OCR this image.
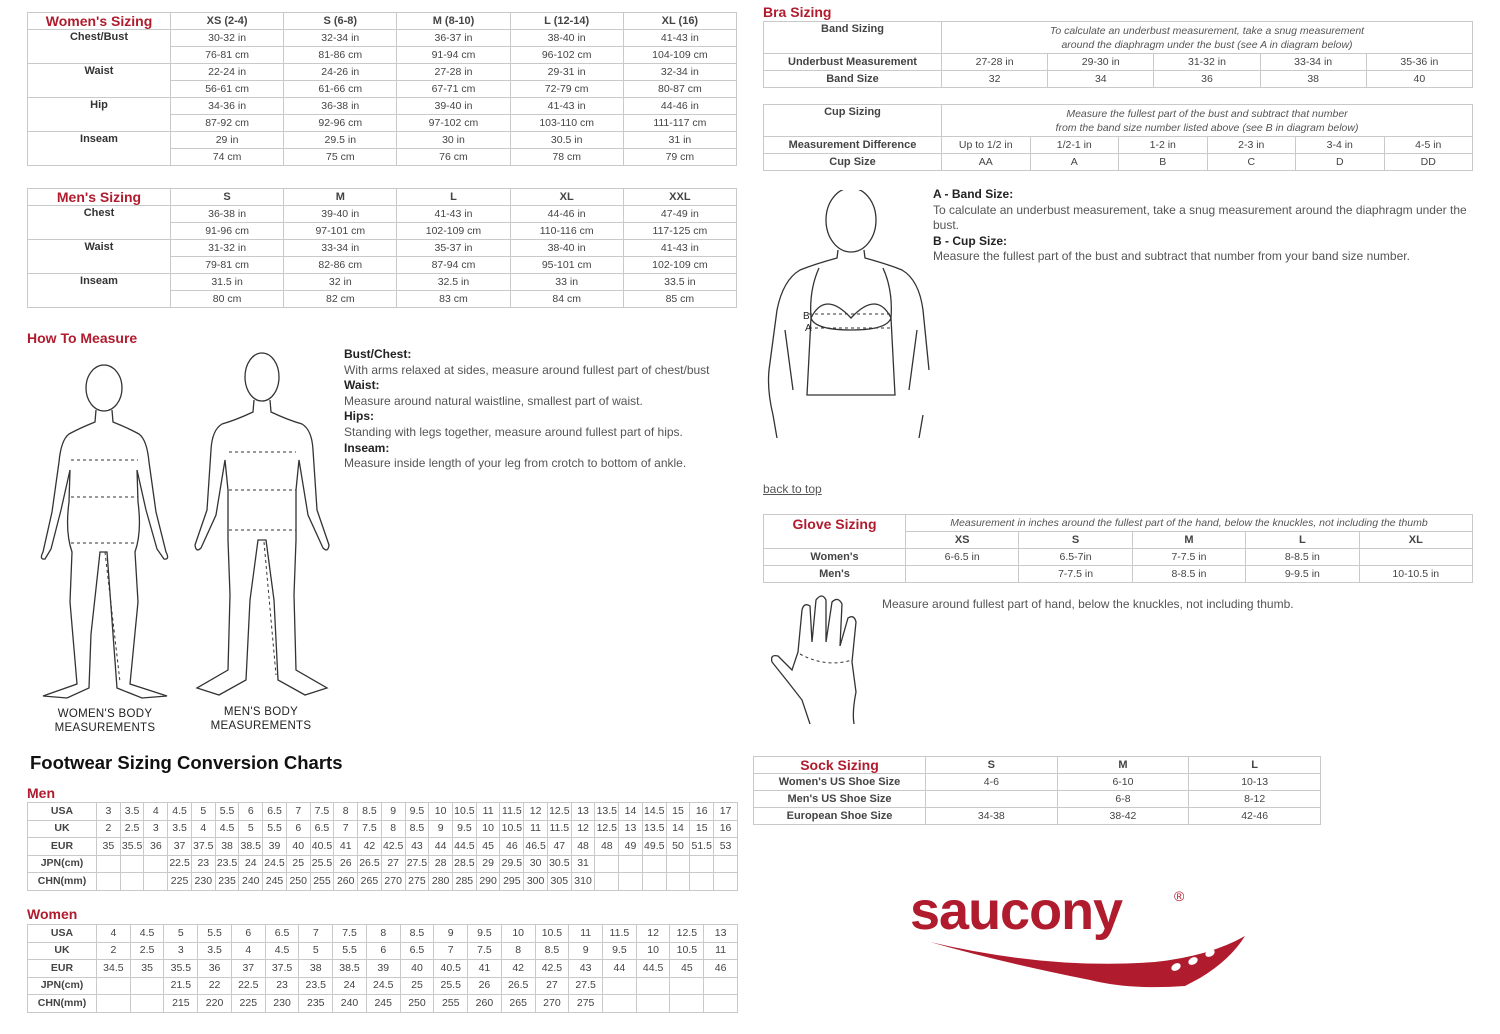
Women's Sizing	XS (2-4)	S (6-8)	M (8-10)	L (12-14)	XL (16)
Chest/Bust	30-32 in	32-34 in	36-37 in	38-40 in	41-43 in
	76-81 cm	81-86 cm	91-94 cm	96-102 cm	104-109 cm
Waist	22-24 in	24-26 in	27-28 in	29-31 in	32-34 in
	56-61 cm	61-66 cm	67-71 cm	72-79 cm	80-87 cm
Hip	34-36 in	36-38 in	39-40 in	41-43 in	44-46 in
	87-92 cm	92-96 cm	97-102 cm	103-110 cm	111-117 cm
Inseam	29 in	29.5 in	30 in	30.5 in	31 in
	74 cm	75 cm	76 cm	78 cm	79 cm
Men's Sizing	S	M	L	XL	XXL
Chest	36-38 in	39-40 in	41-43 in	44-46 in	47-49 in
	91-96 cm	97-101 cm	102-109 cm	110-116 cm	117-125 cm
Waist	31-32 in	33-34 in	35-37 in	38-40 in	41-43 in
	79-81 cm	82-86 cm	87-94 cm	95-101 cm	102-109 cm
Inseam	31.5 in	32 in	32.5 in	33 in	33.5 in
	80 cm	82 cm	83 cm	84 cm	85 cm
How To Measure
Bust/Chest:
With arms relaxed at sides, measure around fullest part of chest/bust
Waist:
Measure around natural waistline, smallest part of waist.
Hips:
Standing with legs together, measure around fullest part of hips.
Inseam:
Measure inside length of your leg from crotch to bottom of ankle.
WOMEN'S BODY
MEASUREMENTS
MEN'S BODY
MEASUREMENTS
Bra Sizing
Band Sizing	To calculate an underbust measurement, take a snug measurement
around the diaphragm under the bust (see A in diagram below)				

Underbust Measurement	27-28 in	29-30 in	31-32 in	33-34 in	35-36 in
Band Size	32	34	36	38	40
Cup Sizing	Measure the fullest part of the bust and subtract that number
from the band size number listed above (see B in diagram below)					

Measurement Difference	Up to 1/2 in	1/2-1 in	1-2 in	2-3 in	3-4 in	4-5 in
Cup Size	AA	A	B	C	D	DD
B
A
A - Band Size:
To calculate an underbust measurement, take a snug measurement around the diaphragm under the bust.
B - Cup Size:
Measure the fullest part of the bust and subtract that number from your band size number.
back to top
Glove Sizing	Measurement in inches around the fullest part of the hand, below the knuckles, not including the thumb				
	XS	S	M	L	XL
Women's	6-6.5 in	6.5-7in	7-7.5 in	8-8.5 in	
Men's		7-7.5 in	8-8.5 in	9-9.5 in	10-10.5 in
Measure around fullest part of hand, below the knuckles, not including thumb.
Sock Sizing	S	M	L
Women's US Shoe Size	4-6	6-10	10-13
Men's US Shoe Size		6-8	8-12
European Shoe Size	34-38	38-42	42-46
Footwear Sizing Conversion Charts
Men
USA	3	3.5	4	4.5	5	5.5	6	6.5	7	7.5	8	8.5	9	9.5	10	10.5	11	11.5	12	12.5	13	13.5	14	14.5	15	16	17
UK	2	2.5	3	3.5	4	4.5	5	5.5	6	6.5	7	7.5	8	8.5	9	9.5	10	10.5	11	11.5	12	12.5	13	13.5	14	15	16
EUR	35	35.5	36	37	37.5	38	38.5	39	40	40.5	41	42	42.5	43	44	44.5	45	46	46.5	47	48	48	49	49.5	50	51.5	53
JPN(cm)				22.5	23	23.5	24	24.5	25	25.5	26	26.5	27	27.5	28	28.5	29	29.5	30	30.5	31						
CHN(mm)				225	230	235	240	245	250	255	260	265	270	275	280	285	290	295	300	305	310						
Women
USA	4	4.5	5	5.5	6	6.5	7	7.5	8	8.5	9	9.5	10	10.5	11	11.5	12	12.5	13
UK	2	2.5	3	3.5	4	4.5	5	5.5	6	6.5	7	7.5	8	8.5	9	9.5	10	10.5	11
EUR	34.5	35	35.5	36	37	37.5	38	38.5	39	40	40.5	41	42	42.5	43	44	44.5	45	46
JPN(cm)			21.5	22	22.5	23	23.5	24	24.5	25	25.5	26	26.5	27	27.5				
CHN(mm)			215	220	225	230	235	240	245	250	255	260	265	270	275				
saucony	®
